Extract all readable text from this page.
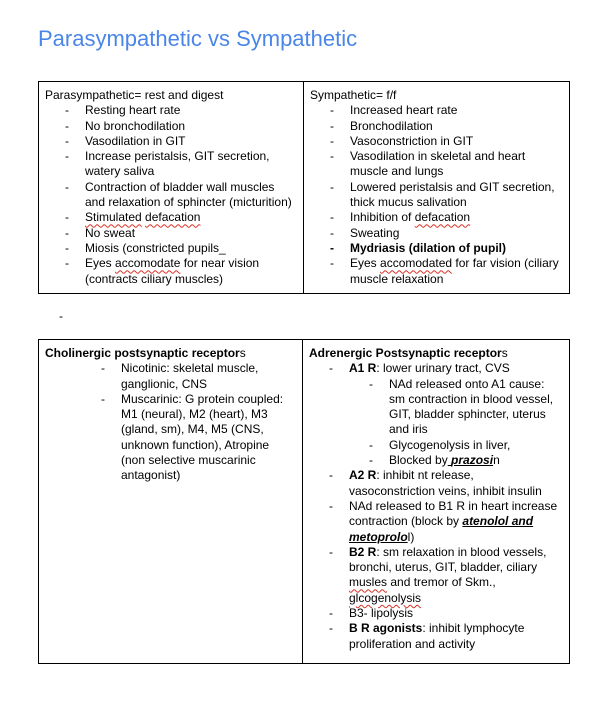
Parasympathetic vs Sympathetic
Parasympathetic= rest and digest
- Resting heart rate
- No bronchodilation
- Vasodilation in GIT
- Increase peristalsis, GIT secretion, watery saliva
- Contraction of bladder wall muscles and relaxation of sphincter (micturition)
- Stimulated defacation
- No sweat
- Miosis (constricted pupils_
- Eyes accomodate for near vision (contracts ciliary muscles)

Sympathetic= f/f
- Increased heart rate
- Bronchodilation
- Vasoconstriction in GIT
- Vasodilation in skeletal and heart muscle and lungs
- Lowered peristalsis and GIT secretion, thick mucus salivation
- Inhibition of defacation
- Sweating
- Mydriasis (dilation of pupil)
- Eyes accomodated for far vision (ciliary muscle relaxation
-
Cholinergic postsynaptic receptors
- Nicotinic: skeletal muscle, ganglionic, CNS
- Muscarinic: G protein coupled: M1 (neural), M2 (heart), M3 (gland, sm), M4, M5 (CNS, unknown function), Atropine (non selective muscarinic antagonist)

Adrenergic Postsynaptic receptors
- A1 R: lower urinary tract, CVS
- NAd released onto A1 cause: sm contraction in blood vessel, GIT, bladder sphincter, uterus and iris
- Glycogenolysis in liver,
- Blocked by prazosin
- A2 R: inhibit nt release, vasoconstriction veins, inhibit insulin
- NAd released to B1 R in heart increase contraction (block by atenolol and metoprolol)
- B2 R: sm relaxation in blood vessels, bronchi, uterus, GIT, bladder, ciliary musles and tremor of Skm., glcogenolysis
- B3- lipolysis
- B R agonists: inhibit lymphocyte proliferation and activity
